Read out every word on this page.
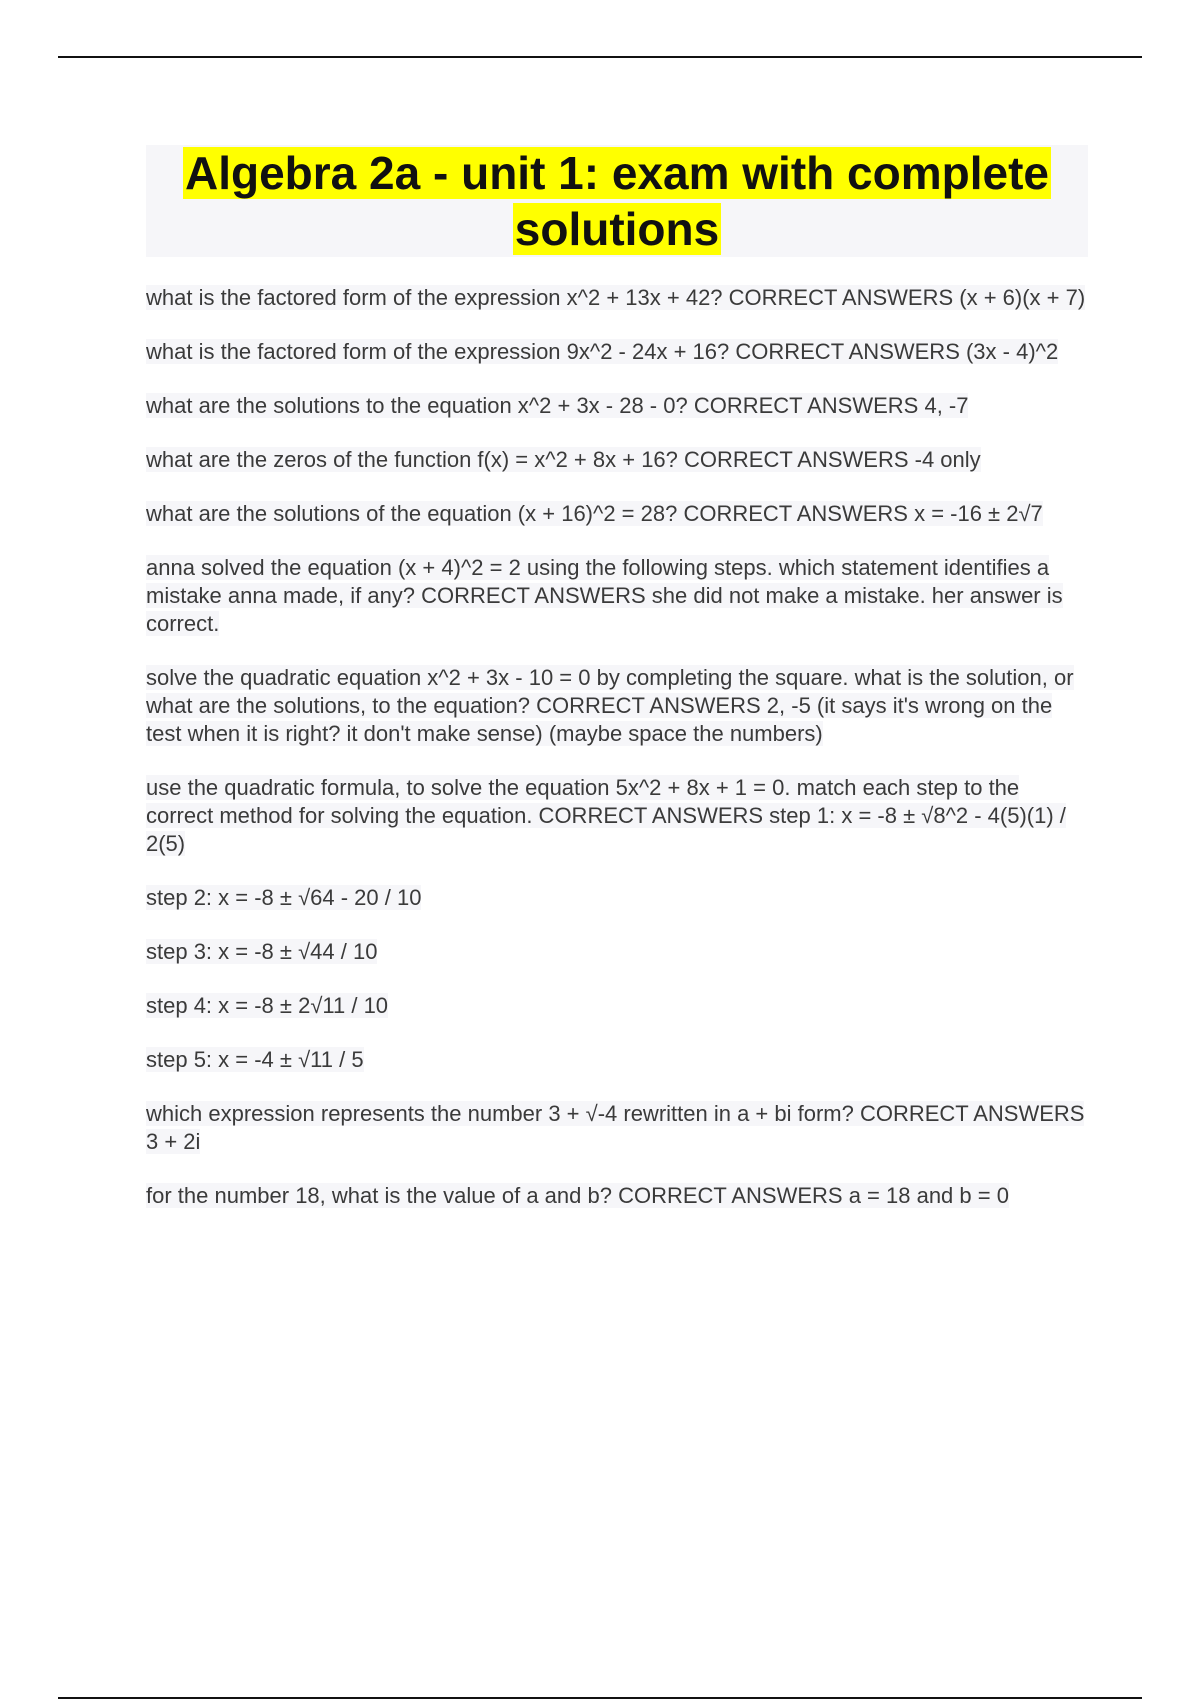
Algebra 2a - unit 1: exam with complete solutions

what is the factored form of the expression x^2 + 13x + 42? CORRECT ANSWERS (x + 6)(x + 7)

what is the factored form of the expression 9x^2 - 24x + 16? CORRECT ANSWERS (3x - 4)^2

what are the solutions to the equation x^2 + 3x - 28 - 0? CORRECT ANSWERS 4, -7

what are the zeros of the function f(x) = x^2 + 8x + 16? CORRECT ANSWERS -4 only

what are the solutions of the equation (x + 16)^2 = 28? CORRECT ANSWERS x = -16 ± 2√7

anna solved the equation (x + 4)^2 = 2 using the following steps. which statement identifies a mistake anna made, if any? CORRECT ANSWERS she did not make a mistake. her answer is correct.

solve the quadratic equation x^2 + 3x - 10 = 0 by completing the square. what is the solution, or what are the solutions, to the equation? CORRECT ANSWERS 2, -5 (it says it's wrong on the test when it is right? it don't make sense) (maybe space the numbers)

use the quadratic formula, to solve the equation 5x^2 + 8x + 1 = 0. match each step to the correct method for solving the equation. CORRECT ANSWERS step 1: x = -8 ± √8^2 - 4(5)(1) / 2(5)

step 2: x = -8 ± √64 - 20 / 10

step 3: x = -8 ± √44 / 10

step 4: x = -8 ± 2√11 / 10

step 5: x = -4 ± √11 / 5

which expression represents the number 3 + √-4 rewritten in a + bi form? CORRECT ANSWERS 3 + 2i

for the number 18, what is the value of a and b? CORRECT ANSWERS a = 18 and b = 0
